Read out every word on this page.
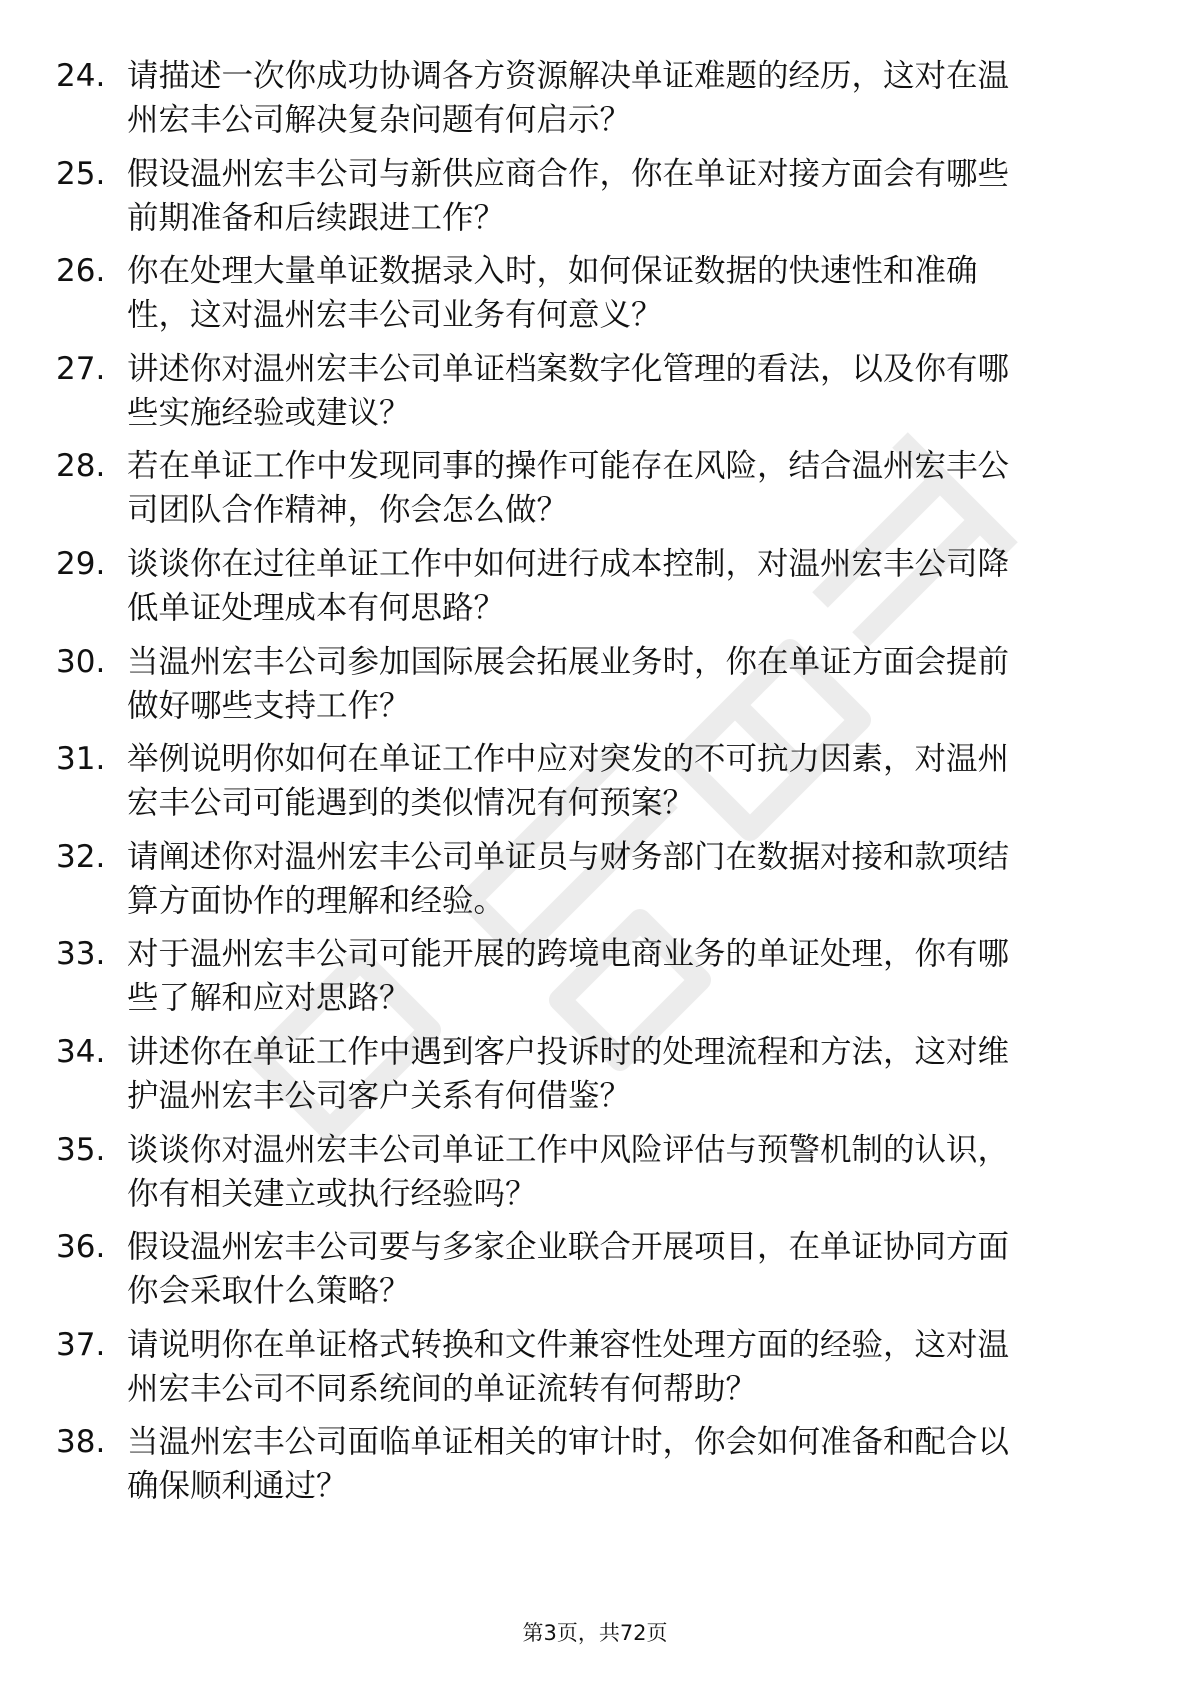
24. 请描述一次你成功协调各方资源解决单证难题的经历，这对在温
州宏丰公司解决复杂问题有何启示？
25. 假设温州宏丰公司与新供应商合作，你在单证对接方面会有哪些
前期准备和后续跟进工作？
26. 你在处理大量单证数据录入时，如何保证数据的快速性和准确
性，这对温州宏丰公司业务有何意义？
27. 讲述你对温州宏丰公司单证档案数字化管理的看法，以及你有哪
些实施经验或建议？
28. 若在单证工作中发现同事的操作可能存在风险，结合温州宏丰公
司团队合作精神，你会怎么做？
29. 谈谈你在过往单证工作中如何进行成本控制，对温州宏丰公司降
低单证处理成本有何思路？
30. 当温州宏丰公司参加国际展会拓展业务时，你在单证方面会提前
做好哪些支持工作？
31. 举例说明你如何在单证工作中应对突发的不可抗力因素，对温州
宏丰公司可能遇到的类似情况有何预案？
32. 请阐述你对温州宏丰公司单证员与财务部门在数据对接和款项结
算方面协作的理解和经验。
33. 对于温州宏丰公司可能开展的跨境电商业务的单证处理，你有哪
些了解和应对思路？
34. 讲述你在单证工作中遇到客户投诉时的处理流程和方法，这对维
护温州宏丰公司客户关系有何借鉴？
35. 谈谈你对温州宏丰公司单证工作中风险评估与预警机制的认识，
你有相关建立或执行经验吗？
36. 假设温州宏丰公司要与多家企业联合开展项目，在单证协同方面
你会采取什么策略？
37. 请说明你在单证格式转换和文件兼容性处理方面的经验，这对温
州宏丰公司不同系统间的单证流转有何帮助？
38. 当温州宏丰公司面临单证相关的审计时，你会如何准备和配合以
确保顺利通过？
第3页，共72页
